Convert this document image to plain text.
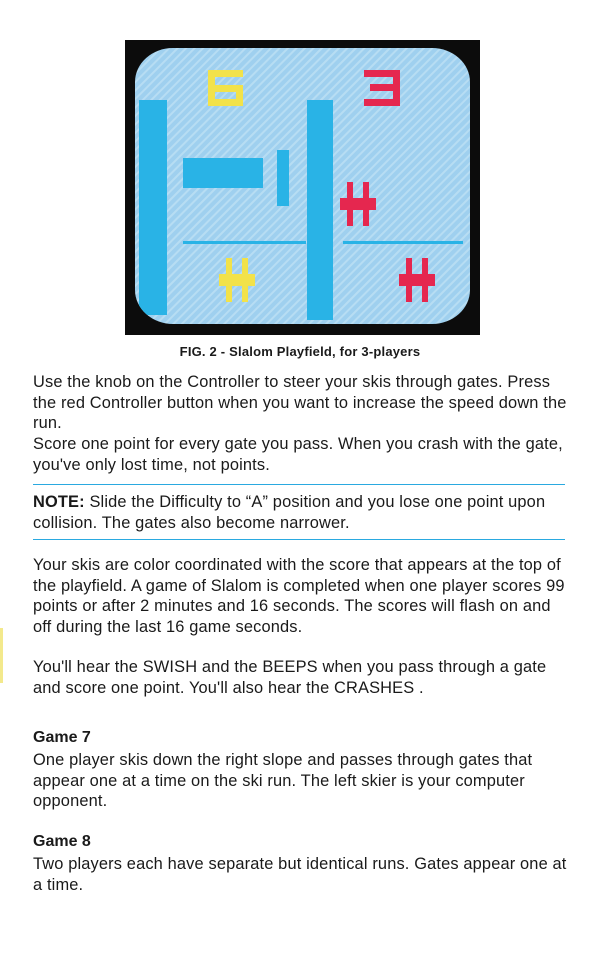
6 3
FIG. 2 - Slalom Playfield, for 3-players
Use the knob on the Controller to steer your skis through gates. Press the red Controller button when you want to increase the speed down the run.
Score one point for every gate you pass. When you crash with the gate, you've only lost time, not points.
NOTE: Slide the Difficulty to “A” position and you lose one point upon collision. The gates also become narrower.
Your skis are color coordinated with the score that appears at the top of the playfield. A game of Slalom is completed when one player scores 99 points or after 2 minutes and 16 seconds. The scores will flash on and off during the last 16 game seconds.
You'll hear the SWISH and the BEEPS when you pass through a gate and score one point. You'll also hear the CRASHES .
Game 7
One player skis down the right slope and passes through gates that appear one at a time on the ski run. The left skier is your computer opponent.
Game 8
Two players each have separate but identical runs. Gates appear one at a time.
